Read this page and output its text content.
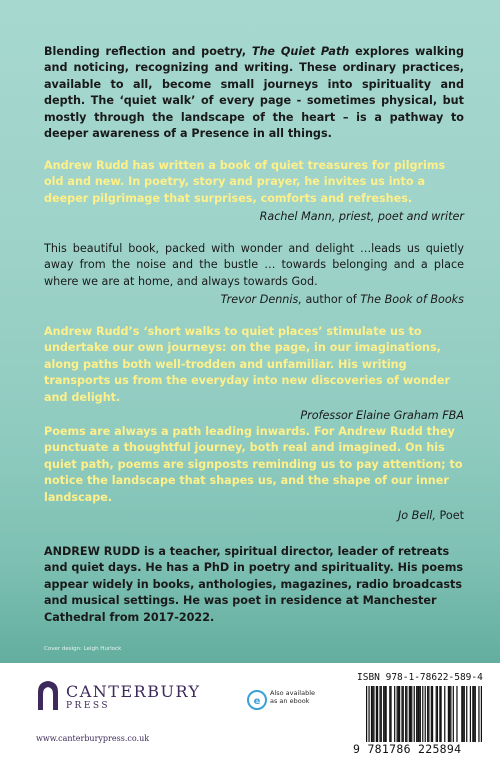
Blending reflection and poetry, The Quiet Path explores walking and noticing, recognizing and writing. These ordinary practices, available to all, become small journeys into spirituality and depth. The ‘quiet walk’ of every page - sometimes physical, but mostly through the landscape of the heart – is a pathway to deeper awareness of a Presence in all things.
Andrew Rudd has written a book of quiet treasures for pilgrims old and new. In poetry, story and prayer, he invites us into a deeper pilgrimage that surprises, comforts and refreshes.
Rachel Mann, priest, poet and writer
This beautiful book, packed with wonder and delight …leads us quietly away from the noise and the bustle … towards belonging and a place where we are at home, and always towards God.
Trevor Dennis, author of The Book of Books
Andrew Rudd’s ‘short walks to quiet places’ stimulate us to undertake our own journeys: on the page, in our imaginations, along paths both well-trodden and unfamiliar. His writing transports us from the everyday into new discoveries of wonder and delight.
Professor Elaine Graham FBA
Poems are always a path leading inwards. For Andrew Rudd they punctuate a thoughtful journey, both real and imagined. On his quiet path, poems are signposts reminding us to pay attention; to notice the landscape that shapes us, and the shape of our inner landscape.
Jo Bell, Poet
ANDREW RUDD is a teacher, spiritual director, leader of retreats and quiet days. He has a PhD in poetry and spirituality. His poems appear widely in books, anthologies, magazines, radio broadcasts and musical settings. He was poet in residence at Manchester Cathedral from 2017-2022.
Cover design: Leigh Hurlock
CANTERBURY
PRESS
www.canterburypress.co.uk
e
Also available as an ebook
ISBN 978-1-78622-589-4
9 781786 225894
